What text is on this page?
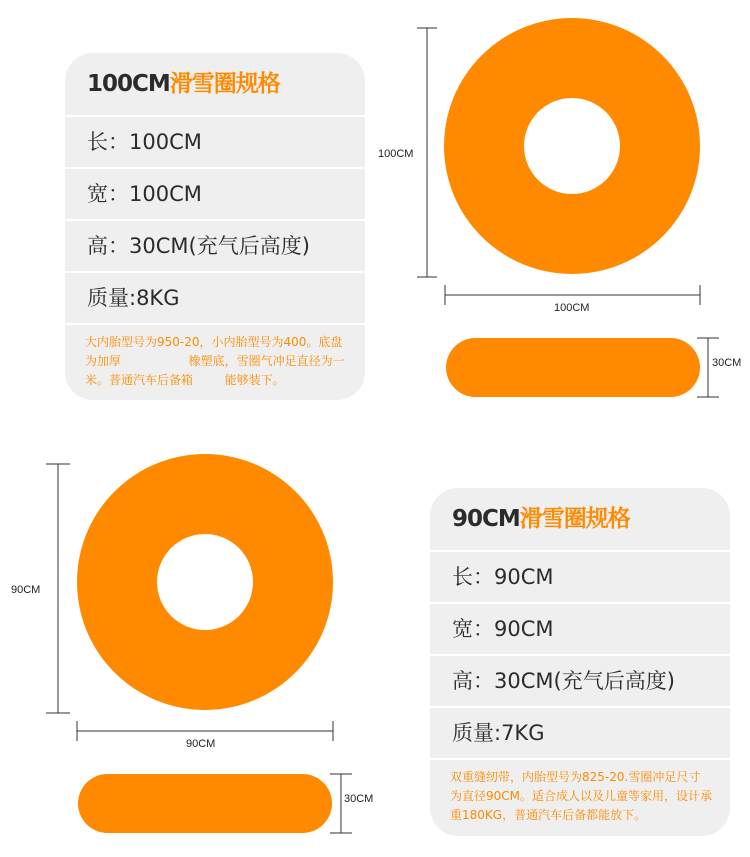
100CM滑雪圈规格
长：100CM
宽：100CM
高：30CM(充气后高度)
质量:8KG
大内胎型号为950-20，小内胎型号为400。底盘为加厚 　　　　　 橡塑底，雪圈气冲足直径为一米。普通汽车后备箱 　　 能够装下。
90CM滑雪圈规格
长：90CM
宽：90CM
高：30CM(充气后高度)
质量:7KG
双重缝纫带，内胎型号为825-20.雪圈冲足尺寸为直径90CM。适合成人以及儿童等家用，设计承重180KG，普通汽车后备都能放下。
100CM
100CM
30CM
90CM
90CM
30CM
